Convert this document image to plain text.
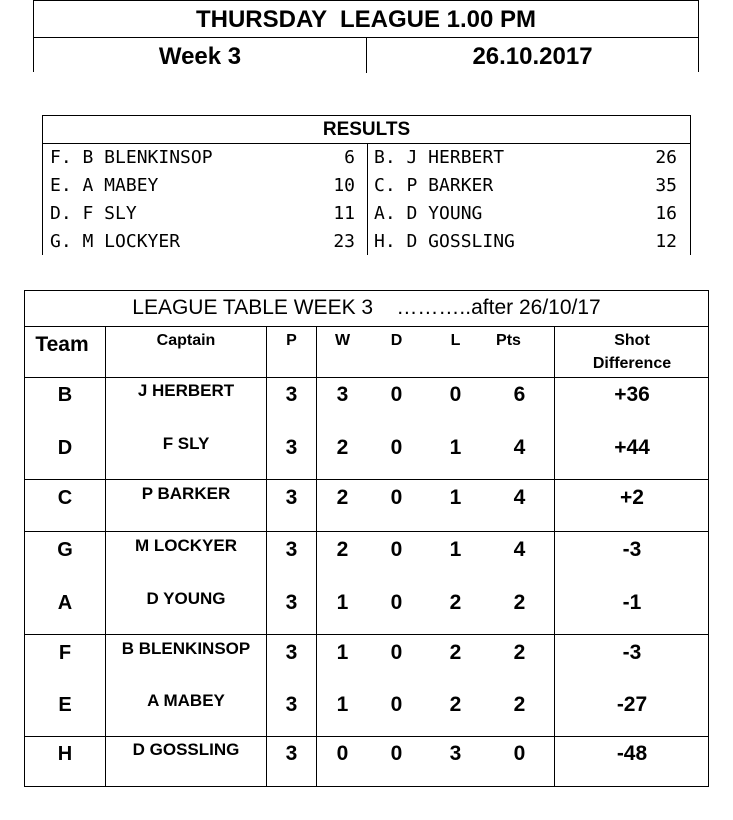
THURSDAY  LEAGUE 1.00 PM
Week 3	26.10.2017
RESULTS
F. B BLENKINSOP	6 B. J HERBERT	26
E. A MABEY	10 C. P BARKER	35
D. F SLY	11 A. D YOUNG	16
G. M LOCKYER	23 H. D GOSSLING	12
LEAGUE TABLE WEEK 3    ………..after 26/10/17
Team	Captain	P	W	D	L	Pts	Shot
Difference
B	J HERBERT	3	3	0	0	6	+36
D	F SLY	3	2	0	1	4	+44
C	P BARKER	3	2	0	1	4	+2
G	M LOCKYER	3	2	0	1	4	-3
A	D YOUNG	3	1	0	2	2	-1
F	B BLENKINSOP	3	1	0	2	2	-3
E	A MABEY	3	1	0	2	2	-27
H	D GOSSLING	3	0	0	3	0	-48
